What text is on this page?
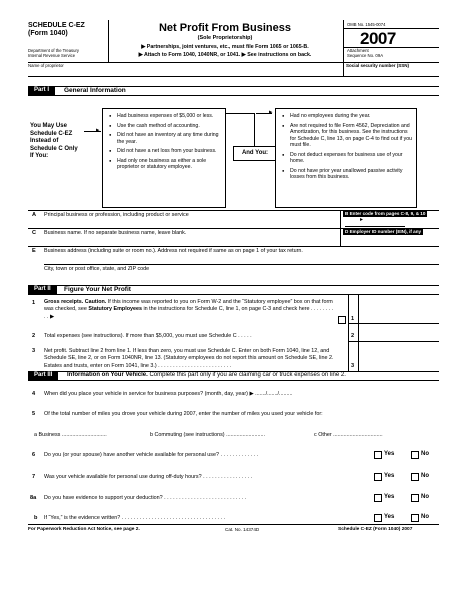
SCHEDULE C-EZ
(Form 1040)
Department of the Treasury
Internal Revenue Service
Net Profit From Business
(Sole Proprietorship)
▶ Partnerships, joint ventures, etc., must file Form 1065 or 1065-B.
▶ Attach to Form 1040, 1040NR, or 1041. ▶ See instructions on back.
OMB No. 1545-0074
2007
Attachment
Sequence No. 09A
Name of proprietor	Social security number (SSN)
Part I	General Information
You May Use Schedule C-EZ Instead of Schedule C Only If You:
● Had business expenses of $5,000 or less.
● Use the cash method of accounting.
● Did not have an inventory at any time during the year.
● Did not have a net loss from your business.
● Had only one business as either a sole proprietor or statutory employee.
▸
And You:
▸	● Had no employees during the year.
● Are not required to file Form 4562, Depreciation and Amortization, for this business. See the instructions for Schedule C, line 13, on page C-4 to find out if you must file.
● Do not deduct expenses for business use of your home.
● Do not have prior year unallowed passive activity losses from this business.
A Principal business or profession, including product or service	B Enter code from pages C-8, 9, & 10
▸
C Business name. If no separate business name, leave blank.	D Employer ID number (EIN), if any
E Business address (including suite or room no.). Address not required if same as on page 1 of your tax return.
City, town or post office, state, and ZIP code
Part II	Figure Your Net Profit
1 Gross receipts. Caution. If this income was reported to you on Form W-2 and the “Statutory employee” box on that form was checked, see Statutory Employees in the instructions for Schedule C, line 1, on page C-3 and check here . . . . . . . . . . ▶	1
2 Total expenses (see instructions). If more than $5,000, you must use Schedule C . . . . .	2
3 Net profit. Subtract line 2 from line 1. If less than zero, you must use Schedule C. Enter on both Form 1040, line 12, and Schedule SE, line 2, or on Form 1040NR, line 13. (Statutory employees do not report this amount on Schedule SE, line 2. Estates and trusts, enter on Form 1041, line 3.) . . . . . . . . . . . . . . . . . . . . . . . . .	3
Part III	Information on Your Vehicle. Complete this part only if you are claiming car or truck expenses on line 2.
4 When did you place your vehicle in service for business purposes? (month, day, year) ▶ ......./......./.........
5 Of the total number of miles you drove your vehicle during 2007, enter the number of miles you used your vehicle for:
a Business ..............................	b Commuting (see instructions) ..........................	c Other .................................
6 Do you (or your spouse) have another vehicle available for personal use? . . . . . . . . . . . . .	Yes	No
7 Was your vehicle available for personal use during off-duty hours? . . . . . . . . . . . . . . . . .	Yes	No
8a Do you have evidence to support your deduction? . . . . . . . . . . . . . . . . . . . . . . . . . . . .	Yes	No
b If “Yes,” is the evidence written? . . . . . . . . . . . . . . . . . . . . . . . . . . . . . . . . . . .	Yes	No
For Paperwork Reduction Act Notice, see page 2.	Cat. No. 14374D	Schedule C-EZ (Form 1040) 2007
